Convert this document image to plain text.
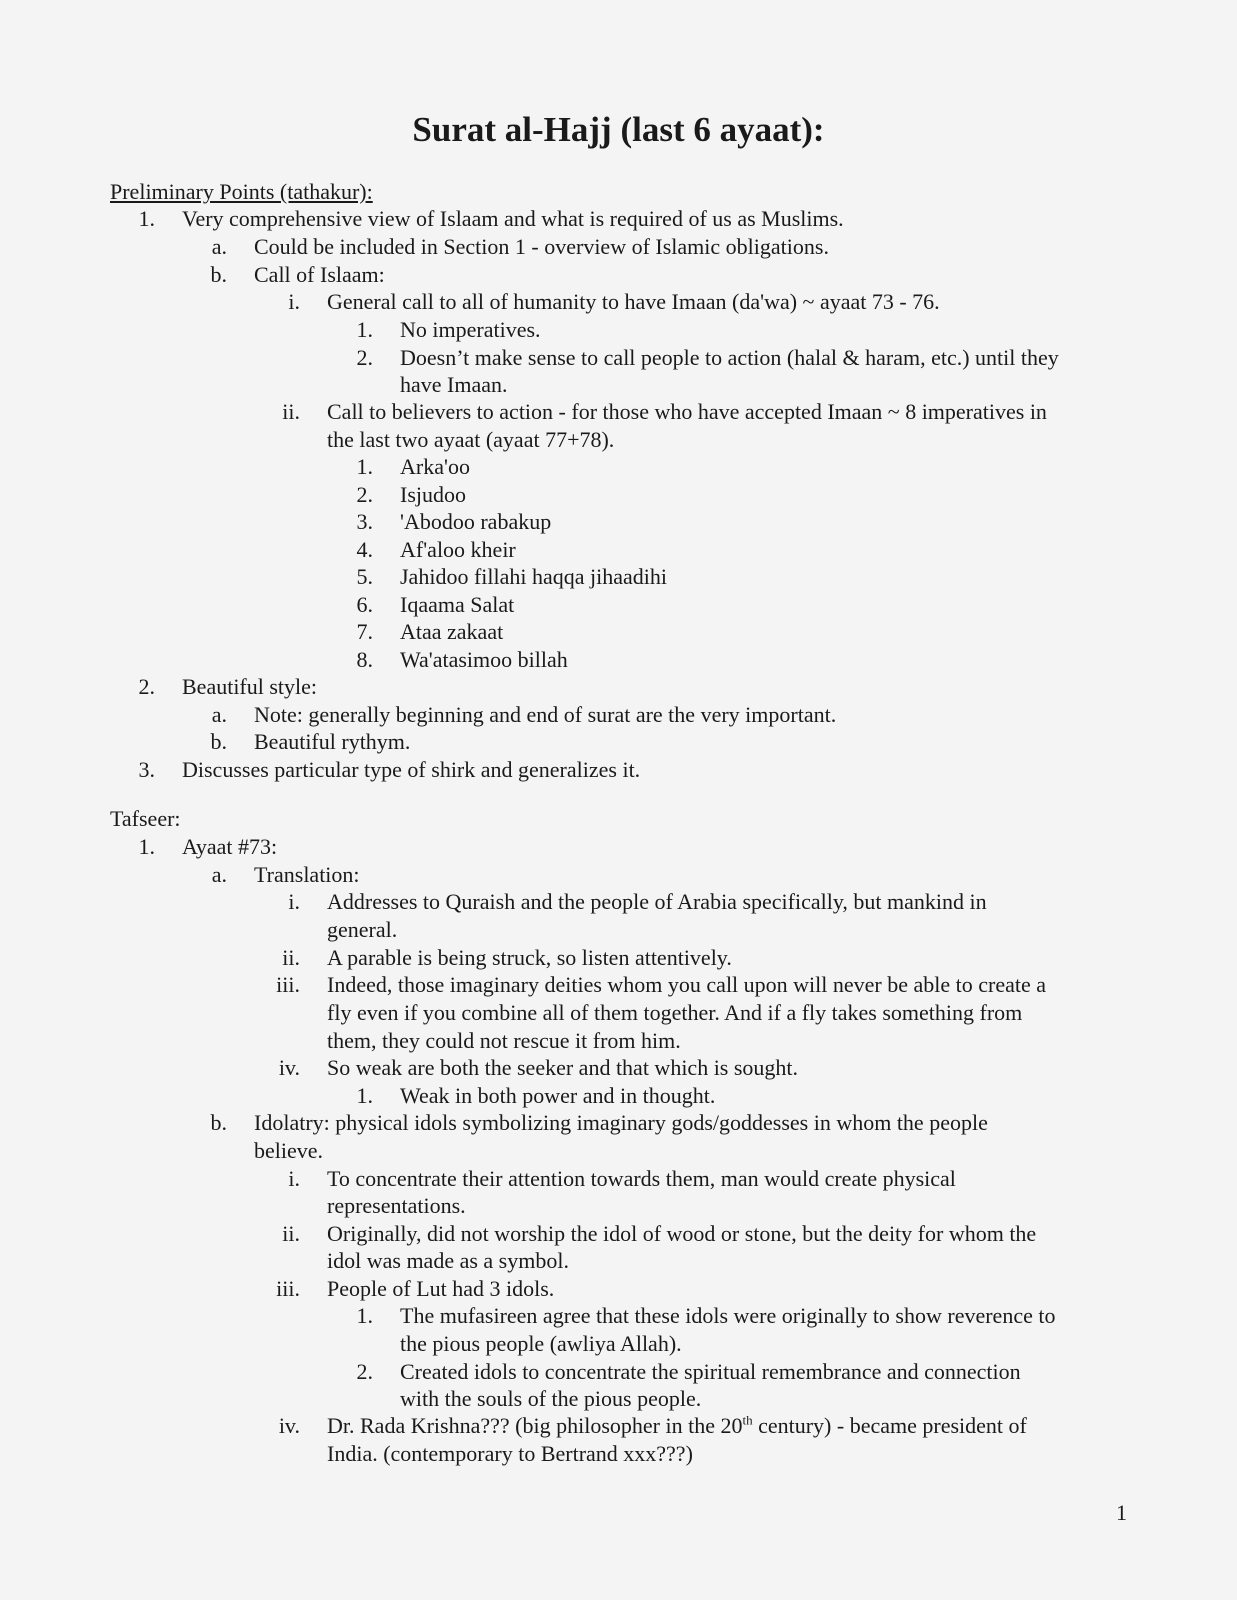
Surat al-Hajj (last 6 ayaat):
Preliminary Points (tathakur):
1. Very comprehensive view of Islaam and what is required of us as Muslims.
a. Could be included in Section 1 - overview of Islamic obligations.
b. Call of Islaam:
i. General call to all of humanity to have Imaan (da'wa) ~ ayaat 73 - 76.
1. No imperatives.
2. Doesn’t make sense to call people to action (halal & haram, etc.) until they
have Imaan.
ii. Call to believers to action - for those who have accepted Imaan ~ 8 imperatives in
the last two ayaat (ayaat 77+78).
1. Arka'oo
2. Isjudoo
3. 'Abodoo rabakup
4. Af'aloo kheir
5. Jahidoo fillahi haqqa jihaadihi
6. Iqaama Salat
7. Ataa zakaat
8. Wa'atasimoo billah
2. Beautiful style:
a. Note: generally beginning and end of surat are the very important.
b. Beautiful rythym.
3. Discusses particular type of shirk and generalizes it.
Tafseer:
1. Ayaat #73:
a. Translation:
i. Addresses to Quraish and the people of Arabia specifically, but mankind in
general.
ii. A parable is being struck, so listen attentively.
iii. Indeed, those imaginary deities whom you call upon will never be able to create a
fly even if you combine all of them together. And if a fly takes something from
them, they could not rescue it from him.
iv. So weak are both the seeker and that which is sought.
1. Weak in both power and in thought.
b. Idolatry: physical idols symbolizing imaginary gods/goddesses in whom the people
believe.
i. To concentrate their attention towards them, man would create physical
representations.
ii. Originally, did not worship the idol of wood or stone, but the deity for whom the
idol was made as a symbol.
iii. People of Lut had 3 idols.
1. The mufasireen agree that these idols were originally to show reverence to
the pious people (awliya Allah).
2. Created idols to concentrate the spiritual remembrance and connection
with the souls of the pious people.
iv. Dr. Rada Krishna??? (big philosopher in the 20th century) - became president of
India. (contemporary to Bertrand xxx???)
1
